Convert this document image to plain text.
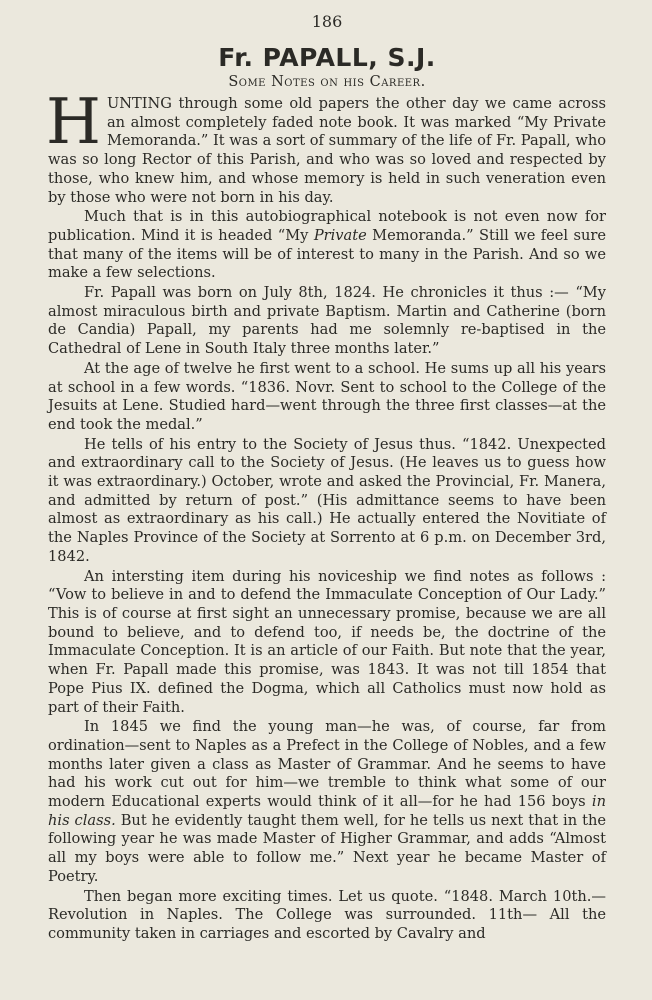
186
Fr. PAPALL, S.J.
Some Notes on his Career.

HUNTING through some old papers the other day we came across an almost completely faded note book. It was marked “My Private Memoranda.” It was a sort of summary of the life of Fr. Papall, who was so long Rector of this Parish, and who was so loved and respected by those, who knew him, and whose memory is held in such veneration even by those who were not born in his day.

Much that is in this autobiographical notebook is not even now for publication. Mind it is headed “My Private Memoranda.” Still we feel sure that many of the items will be of interest to many in the Parish. And so we make a few selections.

Fr. Papall was born on July 8th, 1824. He chronicles it thus :— “My almost miraculous birth and private Baptism. Martin and Catherine (born de Candia) Papall, my parents had me solemnly re-baptised in the Cathedral of Lene in South Italy three months later.”

At the age of twelve he first went to a school. He sums up all his years at school in a few words. “1836. Novr. Sent to school to the College of the Jesuits at Lene. Studied hard—went through the three first classes—at the end took the medal.”

He tells of his entry to the Society of Jesus thus. “1842. Unexpected and extraordinary call to the Society of Jesus. (He leaves us to guess how it was extraordinary.) October, wrote and asked the Provincial, Fr. Manera, and admitted by return of post.” (His admittance seems to have been almost as extraordinary as his call.) He actually entered the Novitiate of the Naples Province of the Society at Sorrento at 6 p.m. on December 3rd, 1842.

An intersting item during his noviceship we find notes as follows : “Vow to believe in and to defend the Immaculate Conception of Our Lady.” This is of course at first sight an unnecessary promise, because we are all bound to believe, and to defend too, if needs be, the doctrine of the Immaculate Conception. It is an article of our Faith. But note that the year, when Fr. Papall made this promise, was 1843. It was not till 1854 that Pope Pius IX. defined the Dogma, which all Catholics must now hold as part of their Faith.

In 1845 we find the young man—he was, of course, far from ordination—sent to Naples as a Prefect in the College of Nobles, and a few months later given a class as Master of Grammar. And he seems to have had his work cut out for him—we tremble to think what some of our modern Educational experts would think of it all—for he had 156 boys in his class. But he evidently taught them well, for he tells us next that in the following year he was made Master of Higher Grammar, and adds “Almost all my boys were able to follow me.” Next year he became Master of Poetry.

Then began more exciting times. Let us quote. “1848. March 10th.—Revolution in Naples. The College was surrounded. 11th— All the community taken in carriages and escorted by Cavalry and
